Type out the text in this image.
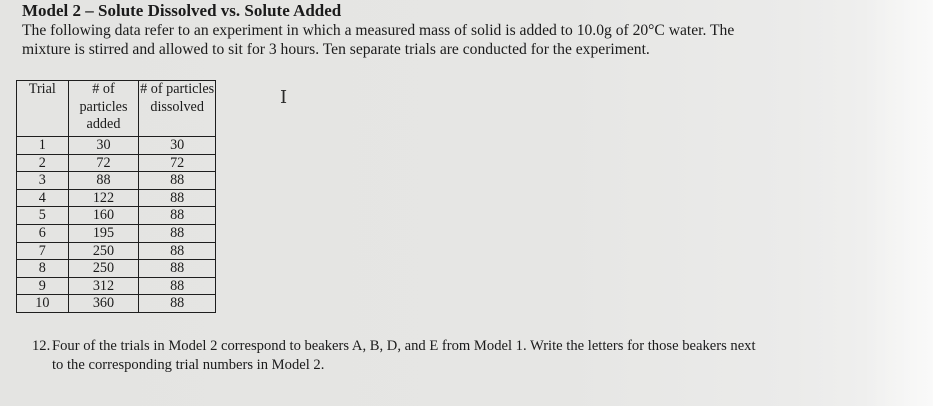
Model 2 – Solute Dissolved vs. Solute Added
The following data refer to an experiment in which a measured mass of solid is added to 10.0g of 20°C water. The
mixture is stirred and allowed to sit for 3 hours. Ten separate trials are conducted for the experiment.
Trial	# of particles added	# of particles dissolved
1	30	30
2	72	72
3	88	88
4	122	88
5	160	88
6	195	88
7	250	88
8	250	88
9	312	88
10	360	88
I
12. Four of the trials in Model 2 correspond to beakers A, B, D, and E from Model 1. Write the letters for those beakers next
to the corresponding trial numbers in Model 2.
